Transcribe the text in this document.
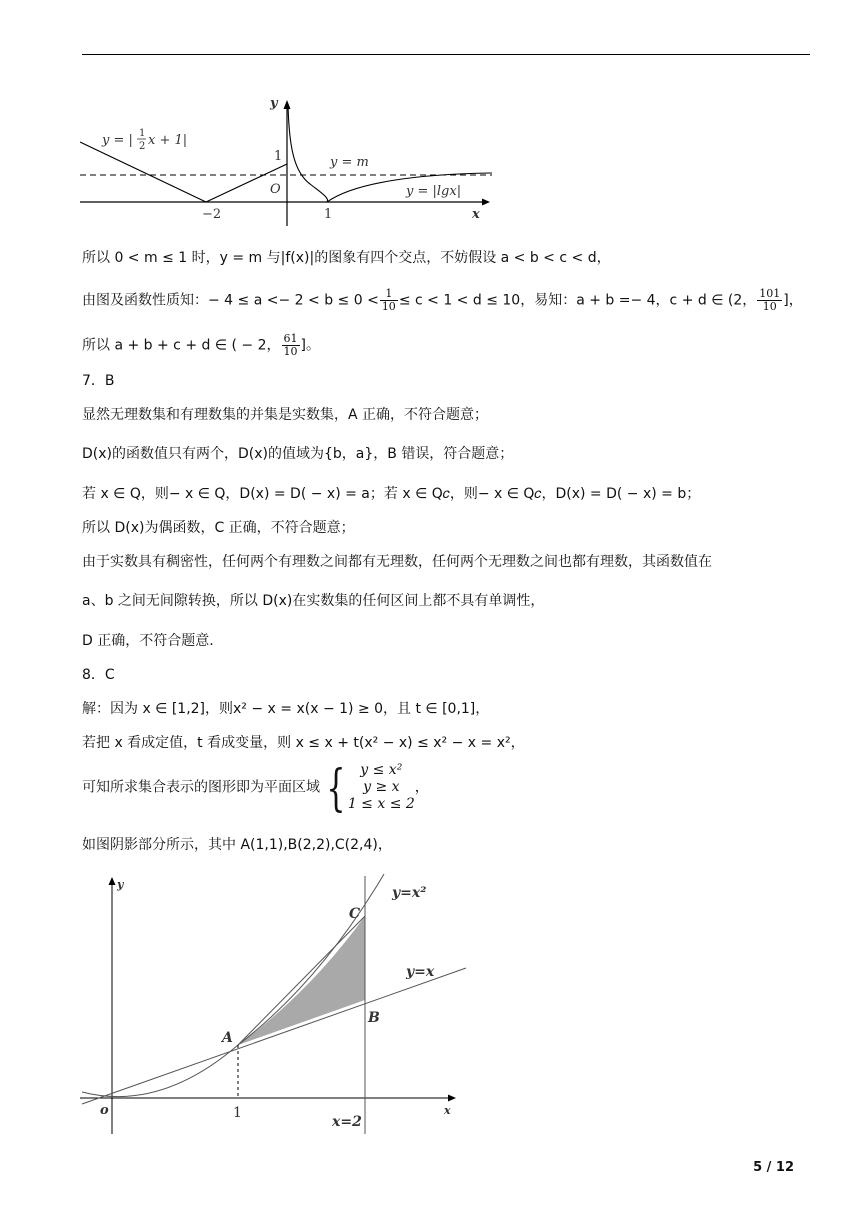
y
x
O
1
−2	1
y = | 1
2 x + 1|
y = m
y = |lgx|
所以 0 < m ≤ 1 时，y = m 与|f(x)|的图象有四个交点，不妨假设 a < b < c < d，
由图及函数性质知：− $4 \le a <- 2 < b \le 0 < \frac{1}{10} \le c < 1 < d \le 10$，易知：a + b =− 4，c + d ∈ (2， $\frac{101}{10}$ ]，
所以 a + b + c + d ∈ ( − 2， $\frac{61}{10}$ ]。
7．B
显然无理数集和有理数集的并集是实数集，A 正确，不符合题意；
D(x)的函数值只有两个，D(x)的值域为{b，a}，B 错误，符合题意；
若 x ∈ Q，则− x ∈ Q，D(x) = D( − x) = a；若 x ∈ Q𝑐，则− x ∈ Q𝑐，D(x) = D( − x) = b；
所以 D(x)为偶函数，C 正确，不符合题意；
由于实数具有稠密性，任何两个有理数之间都有无理数，任何两个无理数之间也都有理数，其函数值在
a、b 之间无间隙转换，所以 D(x)在实数集的任何区间上都不具有单调性，
D 正确，不符合题意.
8．C
解：因为 x ∈ [1,2]，则x² − x = x(x − 1) ≥ 0，且 t ∈ [0,1]，
若把 x 看成定值，t 看成变量，则 x ≤ x + t(x² − x) ≤ x² − x = x²，
可知所求集合表示的图形即为平面区域 {	y ≤ x²
y ≥ x
1 ≤ x ≤ 2
，
如图阴影部分所示，其中 A(1,1),B(2,2),C(2,4)，
y
x
o	1
y=x²
y=x
x=2
A
B
C
5 / 12
